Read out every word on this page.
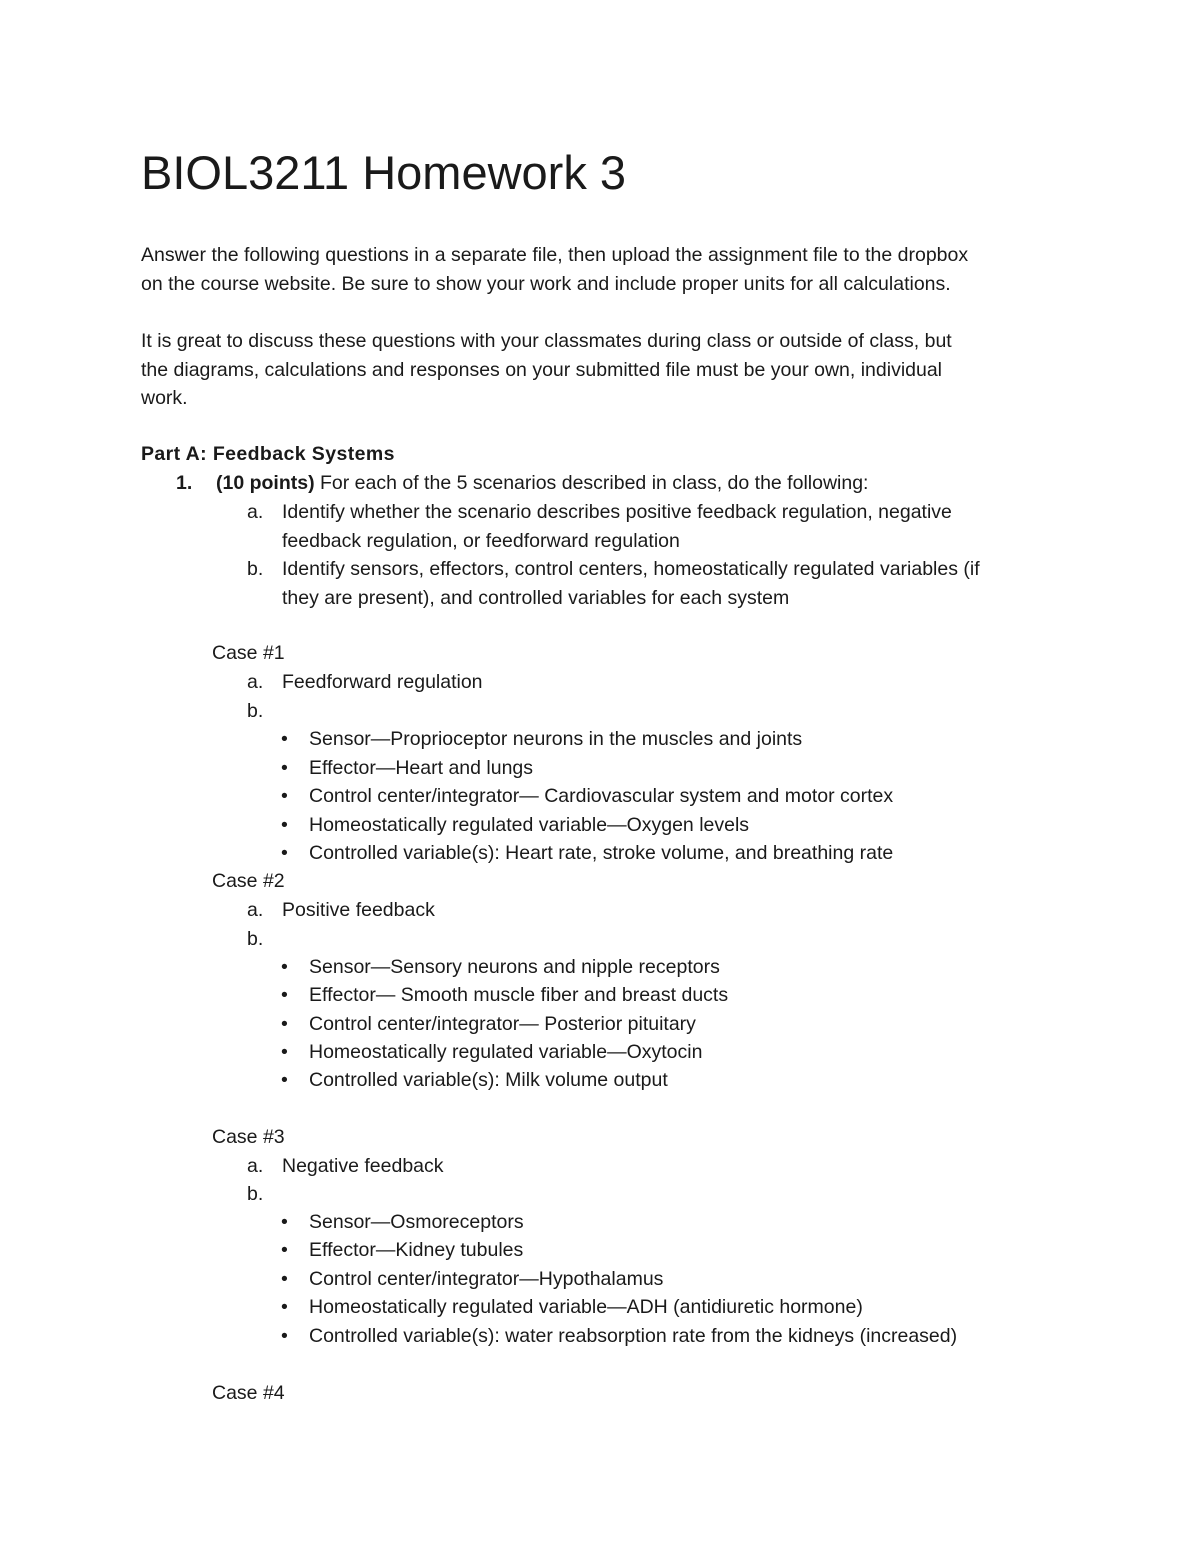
BIOL3211 Homework 3

Answer the following questions in a separate file, then upload the assignment file to the dropbox
on the course website. Be sure to show your work and include proper units for all calculations.

It is great to discuss these questions with your classmates during class or outside of class, but
the diagrams, calculations and responses on your submitted file must be your own, individual
work.

Part A: Feedback Systems
1. (10 points) For each of the 5 scenarios described in class, do the following:
a. Identify whether the scenario describes positive feedback regulation, negative
feedback regulation, or feedforward regulation
b. Identify sensors, effectors, control centers, homeostatically regulated variables (if
they are present), and controlled variables for each system
Case #1
a. Feedforward regulation
b.
• Sensor—Proprioceptor neurons in the muscles and joints
• Effector—Heart and lungs
• Control center/integrator— Cardiovascular system and motor cortex
• Homeostatically regulated variable—Oxygen levels
• Controlled variable(s): Heart rate, stroke volume, and breathing rate
Case #2
a. Positive feedback
b.
• Sensor—Sensory neurons and nipple receptors
• Effector— Smooth muscle fiber and breast ducts
• Control center/integrator— Posterior pituitary
• Homeostatically regulated variable—Oxytocin
• Controlled variable(s): Milk volume output
Case #3
a. Negative feedback
b.
• Sensor—Osmoreceptors
• Effector—Kidney tubules
• Control center/integrator—Hypothalamus
• Homeostatically regulated variable—ADH (antidiuretic hormone)
• Controlled variable(s): water reabsorption rate from the kidneys (increased)
Case #4
